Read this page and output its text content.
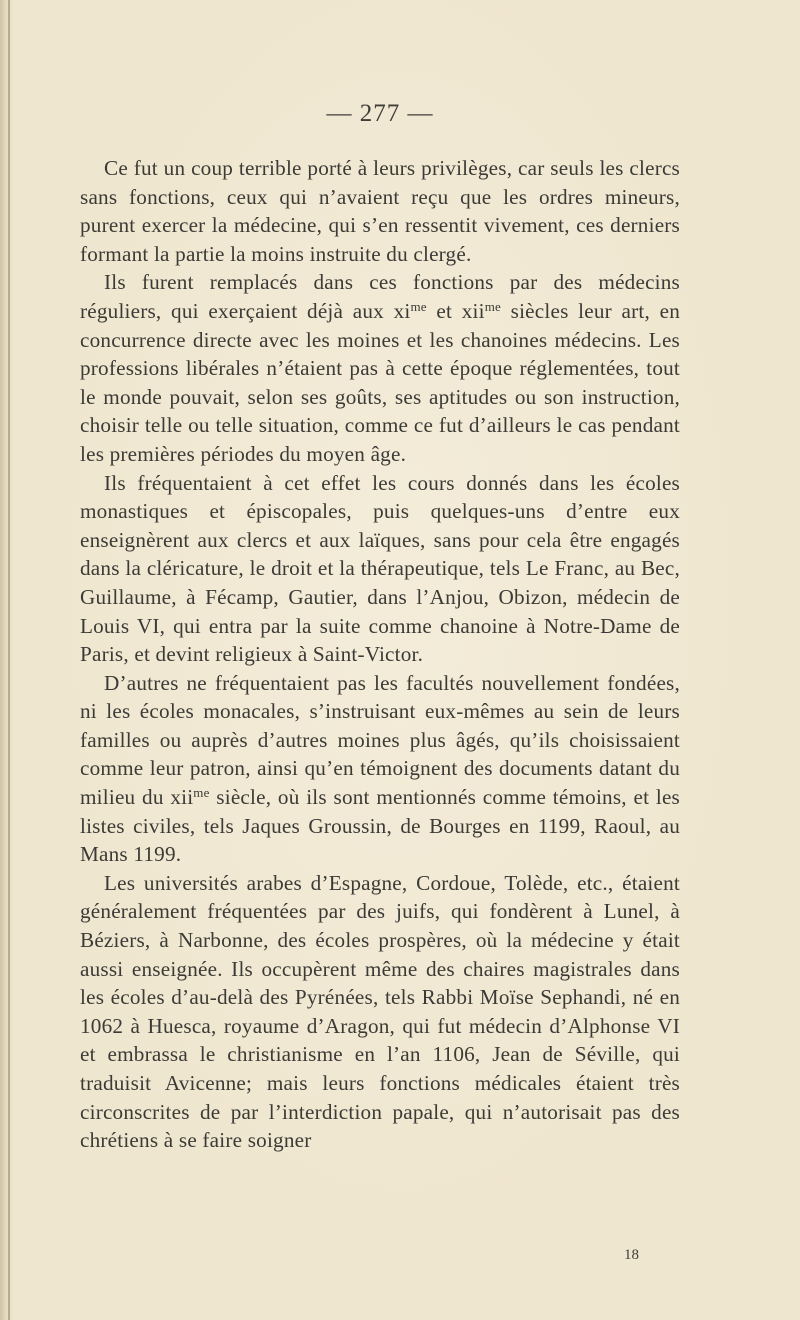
— 277 —

Ce fut un coup terrible porté à leurs privilèges, car seuls les clercs sans fonctions, ceux qui n’avaient reçu que les ordres mineurs, purent exercer la médecine, qui s’en ressentit vivement, ces derniers formant la partie la moins instruite du clergé.

Ils furent remplacés dans ces fonctions par des médecins réguliers, qui exerçaient déjà aux $xi^{me}$ et xii$^{me}$ siècles leur art, en concurrence directe avec les moines et les chanoines médecins. Les professions libérales n’étaient pas à cette époque réglementées, tout le monde pouvait, selon ses goûts, ses aptitudes ou son instruction, choisir telle ou telle situation, comme ce fut d’ailleurs le cas pendant les premières périodes du moyen âge.

Ils fréquentaient à cet effet les cours donnés dans les écoles monastiques et épiscopales, puis quelques-uns d’entre eux enseignèrent aux clercs et aux laïques, sans pour cela être engagés dans la cléricature, le droit et la thérapeutique, tels Le Franc, au Bec, Guillaume, à Fécamp, Gautier, dans l’Anjou, Obizon, médecin de Louis VI, qui entra par la suite comme chanoine à Notre-Dame de Paris, et devint religieux à Saint-Victor.

D’autres ne fréquentaient pas les facultés nouvellement fondées, ni les écoles monacales, s’instruisant eux-mêmes au sein de leurs familles ou auprès d’autres moines plus âgés, qu’ils choisissaient comme leur patron, ainsi qu’en témoignent des documents datant du milieu du xii$^{me}$ siècle, où ils sont mentionnés comme témoins, et les listes civiles, tels Jaques Groussin, de Bourges en 1199, Raoul, au Mans 1199.

Les universités arabes d’Espagne, Cordoue, Tolède, etc., étaient généralement fréquentées par des juifs, qui fondèrent à Lunel, à Béziers, à Narbonne, des écoles prospères, où la médecine y était aussi enseignée. Ils occupèrent même des chaires magistrales dans les écoles d’au-delà des Pyrénées, tels Rabbi Moïse Sephandi, né en 1062 à Huesca, royaume d’Aragon, qui fut médecin d’Alphonse VI et embrassa le christianisme en l’an 1106, Jean de Séville, qui traduisit Avicenne; mais leurs fonctions médicales étaient très circonscrites de par l’interdiction papale, qui n’autorisait pas des chrétiens à se faire soigner

18
